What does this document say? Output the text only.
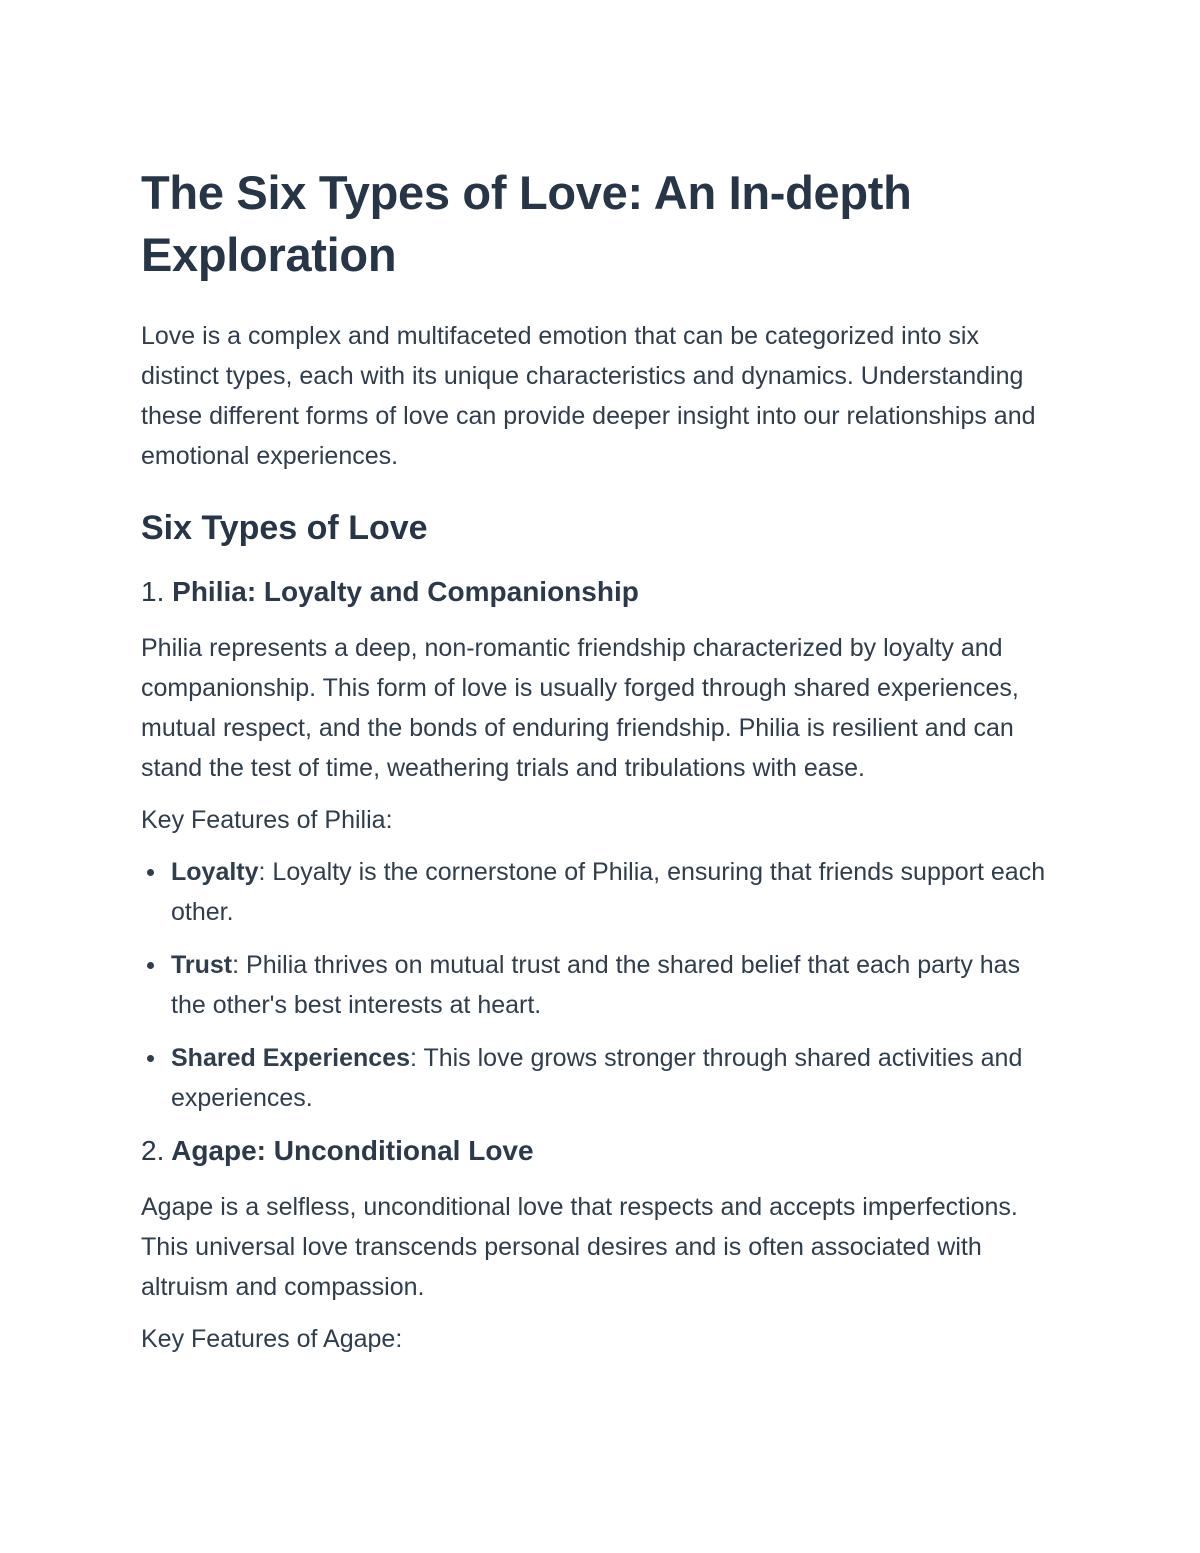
The Six Types of Love: An In-depth Exploration

Love is a complex and multifaceted emotion that can be categorized into six distinct types, each with its unique characteristics and dynamics. Understanding these different forms of love can provide deeper insight into our relationships and emotional experiences.

Six Types of Love
1. Philia: Loyalty and Companionship

Philia represents a deep, non-romantic friendship characterized by loyalty and companionship. This form of love is usually forged through shared experiences, mutual respect, and the bonds of enduring friendship. Philia is resilient and can stand the test of time, weathering trials and tribulations with ease.

Key Features of Philia:

Loyalty: Loyalty is the cornerstone of Philia, ensuring that friends support each other.
Trust: Philia thrives on mutual trust and the shared belief that each party has the other's best interests at heart.
Shared Experiences: This love grows stronger through shared activities and experiences.
2. Agape: Unconditional Love

Agape is a selfless, unconditional love that respects and accepts imperfections. This universal love transcends personal desires and is often associated with altruism and compassion.

Key Features of Agape:
